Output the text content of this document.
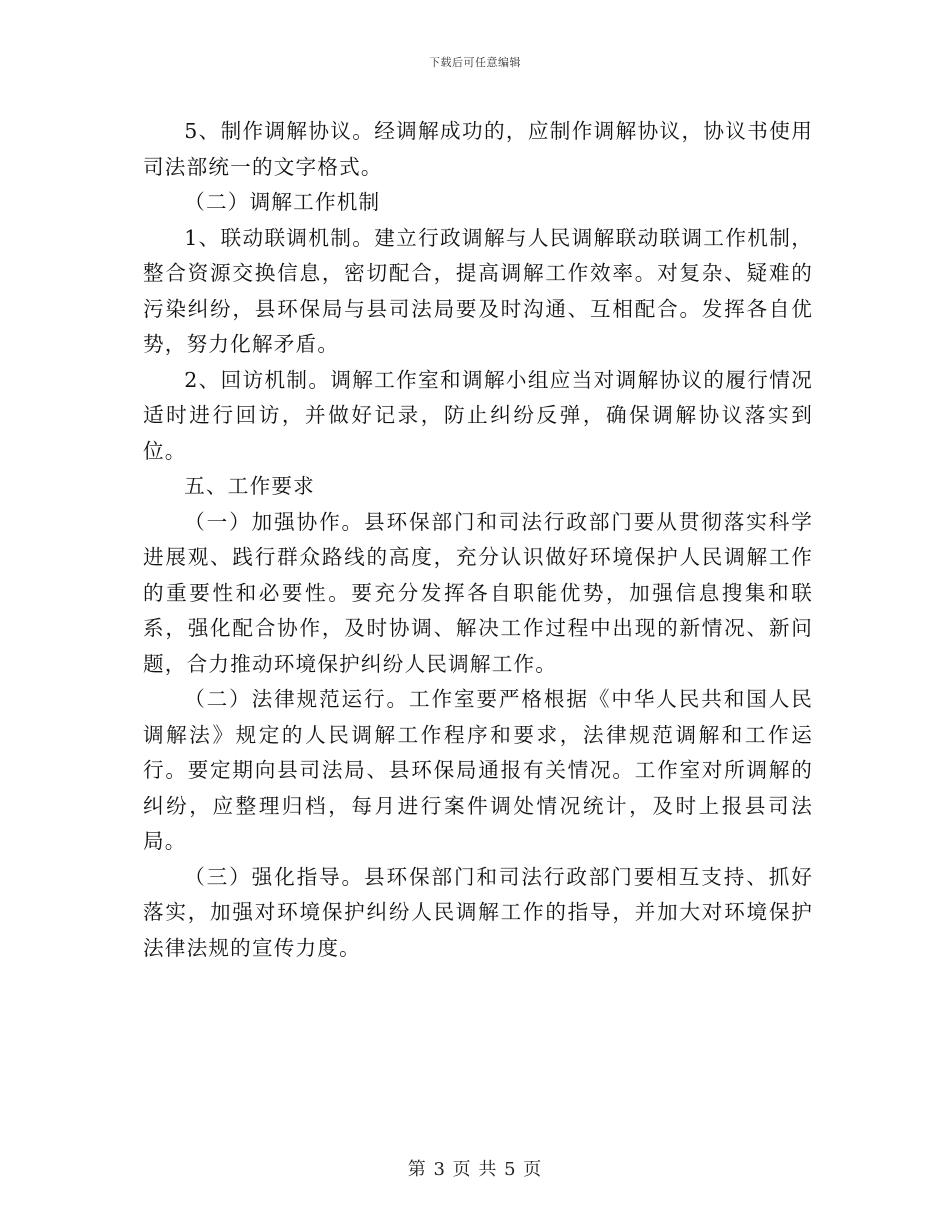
下载后可任意编辑

5、制作调解协议。经调解成功的，应制作调解协议，协议书使用司法部统一的文字格式。

（二）调解工作机制

1、联动联调机制。建立行政调解与人民调解联动联调工作机制，整合资源交换信息，密切配合，提高调解工作效率。对复杂、疑难的污染纠纷，县环保局与县司法局要及时沟通、互相配合。发挥各自优势，努力化解矛盾。

2、回访机制。调解工作室和调解小组应当对调解协议的履行情况适时进行回访，并做好记录，防止纠纷反弹，确保调解协议落实到位。

五、工作要求

（一）加强协作。县环保部门和司法行政部门要从贯彻落实科学进展观、践行群众路线的高度，充分认识做好环境保护人民调解工作的重要性和必要性。要充分发挥各自职能优势，加强信息搜集和联系，强化配合协作，及时协调、解决工作过程中出现的新情况、新问题，合力推动环境保护纠纷人民调解工作。

（二）法律规范运行。工作室要严格根据《中华人民共和国人民调解法》规定的人民调解工作程序和要求，法律规范调解和工作运行。要定期向县司法局、县环保局通报有关情况。工作室对所调解的纠纷，应整理归档，每月进行案件调处情况统计，及时上报县司法局。

（三）强化指导。县环保部门和司法行政部门要相互支持、抓好落实，加强对环境保护纠纷人民调解工作的指导，并加大对环境保护法律法规的宣传力度。

第 3 页 共 5 页
